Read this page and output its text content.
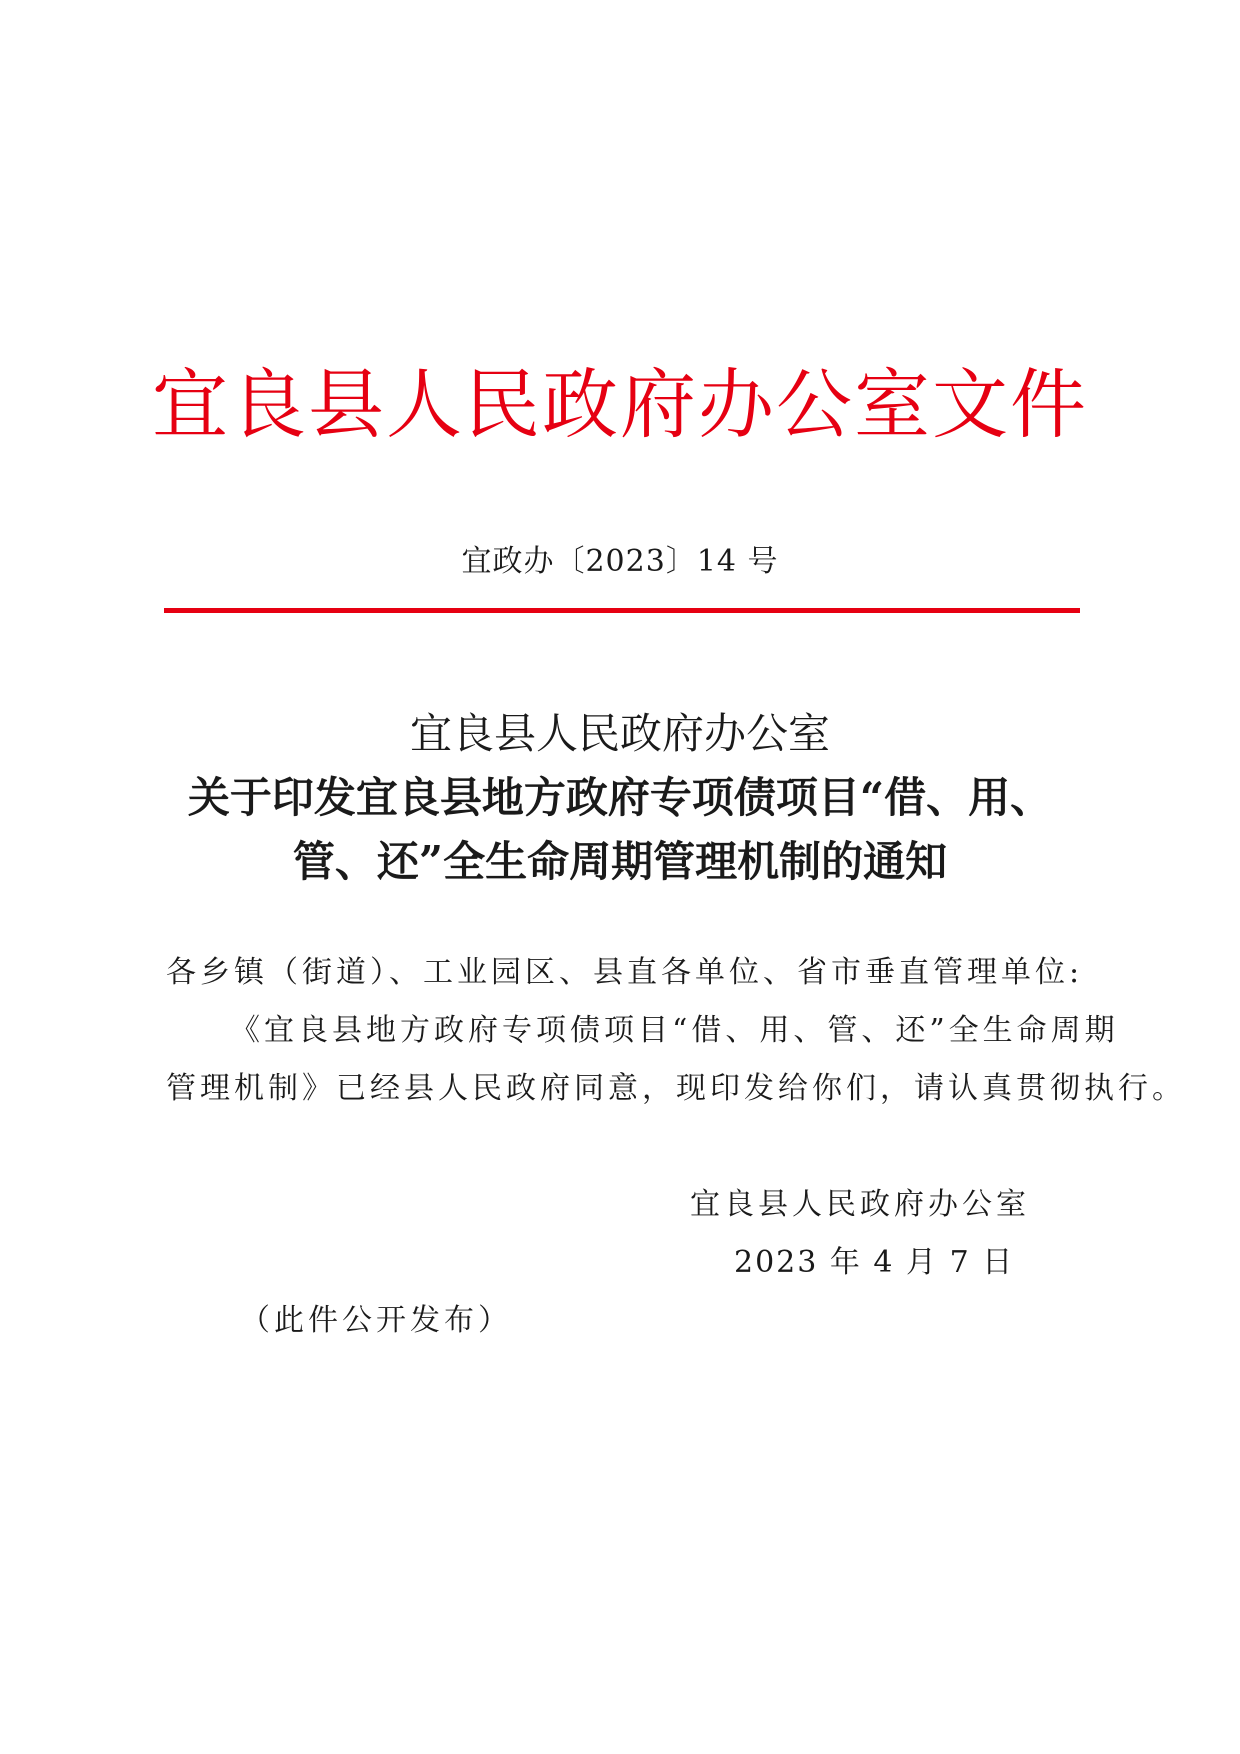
宜良县人民政府办公室文件
宜政办〔2023〕14 号
宜良县人民政府办公室
关于印发宜良县地方政府专项债项目“借、用、
管、还”全生命周期管理机制的通知
各乡镇（街道）、工业园区、县直各单位、省市垂直管理单位:
《宜良县地方政府专项债项目“借、用、管、还”全生命周期
管理机制》已经县人民政府同意，现印发给你们，请认真贯彻执行。
宜良县人民政府办公室
2023 年 4 月 7 日
（此件公开发布）
